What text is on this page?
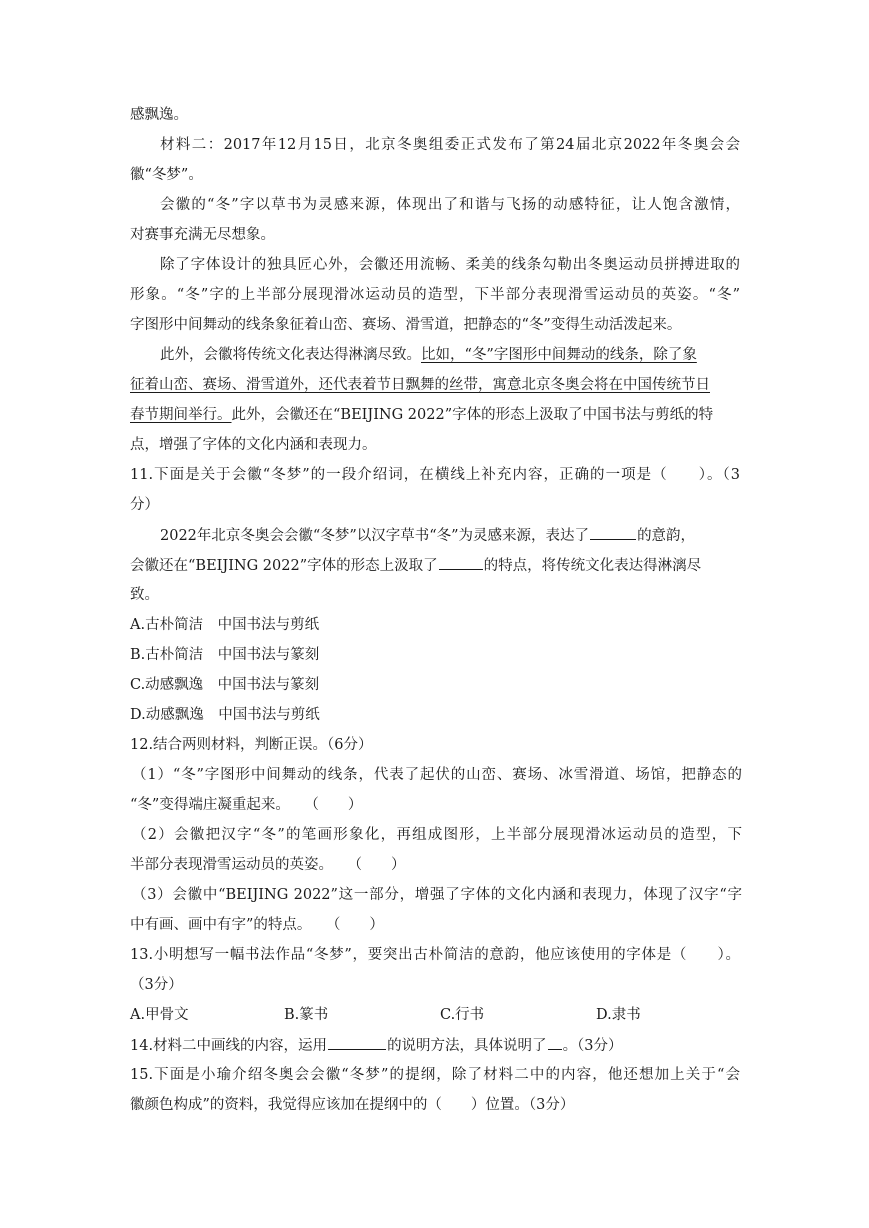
感飘逸。
材料二：2017年12月15日，北京冬奥组委正式发布了第24届北京2022年冬奥会会
徽“冬梦”。
会徽的“冬”字以草书为灵感来源，体现出了和谐与飞扬的动感特征，让人饱含激情，
对赛事充满无尽想象。
除了字体设计的独具匠心外，会徽还用流畅、柔美的线条勾勒出冬奥运动员拼搏进取的
形象。“冬”字的上半部分展现滑冰运动员的造型，下半部分表现滑雪运动员的英姿。“冬”
字图形中间舞动的线条象征着山峦、赛场、滑雪道，把静态的“冬”变得生动活泼起来。
此外，会徽将传统文化表达得淋漓尽致。比如，“冬”字图形中间舞动的线条，除了象
征着山峦、赛场、滑雪道外，还代表着节日飘舞的丝带，寓意北京冬奥会将在中国传统节日
春节期间举行。此外，会徽还在“BEIJING 2022”字体的形态上汲取了中国书法与剪纸的特
点，增强了字体的文化内涵和表现力。
11.下面是关于会徽“冬梦”的一段介绍词，在横线上补充内容，正确的一项是（　　）。（3
分）
2022年北京冬奥会会徽“冬梦”以汉字草书“冬”为灵感来源，表达了	的意韵，
会徽还在“BEIJING 2022”字体的形态上汲取了	的特点，将传统文化表达得淋漓尽
致。
A.古朴简洁　中国书法与剪纸
B.古朴简洁　中国书法与篆刻
C.动感飘逸　中国书法与篆刻
D.动感飘逸　中国书法与剪纸
12.结合两则材料，判断正误。（6分）
（1）“冬”字图形中间舞动的线条，代表了起伏的山峦、赛场、冰雪滑道、场馆，把静态的
“冬”变得端庄凝重起来。　　（　　）
（2）会徽把汉字“冬”的笔画形象化，再组成图形，上半部分展现滑冰运动员的造型，下
半部分表现滑雪运动员的英姿。　　（　　）
（3）会徽中“BEIJING 2022”这一部分，增强了字体的文化内涵和表现力，体现了汉字“字
中有画、画中有字”的特点。　　（　　）
13.小明想写一幅书法作品“冬梦”，要突出古朴简洁的意韵，他应该使用的字体是（　　）。
（3分）
A.甲骨文	B.篆书	C.行书	D.隶书
14.材料二中画线的内容，运用	的说明方法，具体说明了 。（3分）
15.下面是小瑜介绍冬奥会会徽“冬梦”的提纲，除了材料二中的内容，他还想加上关于“会
徽颜色构成”的资料，我觉得应该加在提纲中的（　　）位置。（3分）
